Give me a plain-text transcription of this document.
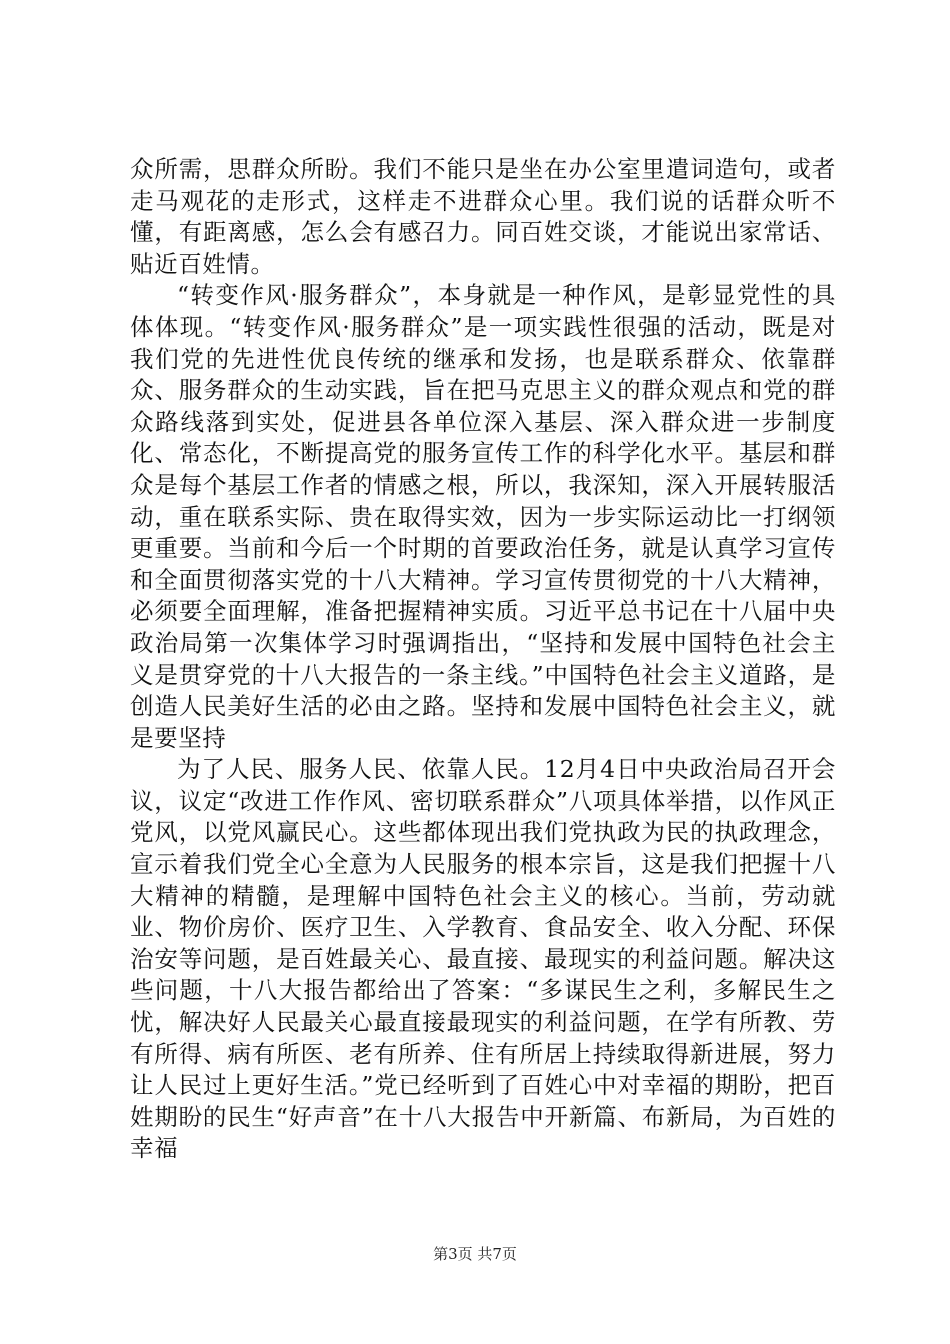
众所需，思群众所盼。我们不能只是坐在办公室里遣词造句，或者走马观花的走形式，这样走不进群众心里。我们说的话群众听不懂，有距离感，怎么会有感召力。同百姓交谈，才能说出家常话、贴近百姓情。

“转变作风·服务群众”，本身就是一种作风，是彰显党性的具体体现。“转变作风·服务群众”是一项实践性很强的活动，既是对我们党的先进性优良传统的继承和发扬，也是联系群众、依靠群众、服务群众的生动实践，旨在把马克思主义的群众观点和党的群众路线落到实处，促进县各单位深入基层、深入群众进一步制度化、常态化，不断提高党的服务宣传工作的科学化水平。基层和群众是每个基层工作者的情感之根，所以，我深知，深入开展转服活动，重在联系实际、贵在取得实效，因为一步实际运动比一打纲领更重要。当前和今后一个时期的首要政治任务，就是认真学习宣传和全面贯彻落实党的十八大精神。学习宣传贯彻党的十八大精神，必须要全面理解，准备把握精神实质。习近平总书记在十八届中央政治局第一次集体学习时强调指出，“坚持和发展中国特色社会主义是贯穿党的十八大报告的一条主线。”中国特色社会主义道路，是创造人民美好生活的必由之路。坚持和发展中国特色社会主义，就是要坚持

为了人民、服务人民、依靠人民。12月4日中央政治局召开会议，议定“改进工作作风、密切联系群众”八项具体举措，以作风正党风，以党风赢民心。这些都体现出我们党执政为民的执政理念，宣示着我们党全心全意为人民服务的根本宗旨，这是我们把握十八大精神的精髓，是理解中国特色社会主义的核心。当前，劳动就业、物价房价、医疗卫生、入学教育、食品安全、收入分配、环保治安等问题，是百姓最关心、最直接、最现实的利益问题。解决这些问题，十八大报告都给出了答案：“多谋民生之利，多解民生之忧，解决好人民最关心最直接最现实的利益问题，在学有所教、劳有所得、病有所医、老有所养、住有所居上持续取得新进展，努力让人民过上更好生活。”党已经听到了百姓心中对幸福的期盼，把百姓期盼的民生“好声音”在十八大报告中开新篇、布新局，为百姓的幸福

第3页 共7页
